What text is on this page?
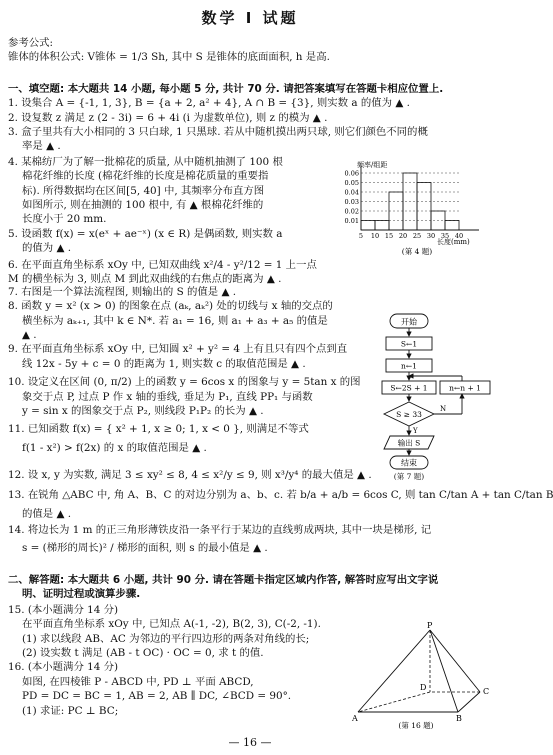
数学 Ⅰ 试题
参考公式:
锥体的体积公式: V锥体 = 1/3 Sh, 其中 S 是锥体的底面面积, h 是高.
一、填空题: 本大题共 14 小题, 每小题 5 分, 共计 70 分. 请把答案填写在答题卡相应位置上.
1. 设集合 A = {-1, 1, 3}, B = {a + 2, a² + 4}, A ∩ B = {3}, 则实数 a 的值为 ▲ .
2. 设复数 z 满足 z (2 - 3i) = 6 + 4i (i 为虚数单位), 则 z 的模为 ▲ .
3. 盒子里共有大小相同的 3 只白球, 1 只黑球. 若从中随机摸出两只球, 则它们颜色不同的概
率是 ▲ .
4. 某棉纺厂为了解一批棉花的质量, 从中随机抽测了 100 根
棉花纤维的长度 (棉花纤维的长度是棉花质量的重要指
标). 所得数据均在区间[5, 40] 中, 其频率分布直方图
如图所示, 则在抽测的 100 根中, 有 ▲ 根棉花纤维的
长度小于 20 mm.
5. 设函数 f(x) = x(eˣ + ae⁻ˣ) (x ∈ R) 是偶函数, 则实数 a
的值为 ▲ .
6. 在平面直角坐标系 xOy 中, 已知双曲线 x²/4 - y²/12 = 1 上一点
M 的横坐标为 3, 则点 M 到此双曲线的右焦点的距离为 ▲ .
频率/组距
长度(mm)
0.06
0.05
0.04
0.03
0.02
0.01
5 10 15 20 25 30 35 40
(第 4 题)
7. 右图是一个算法流程图, 则输出的 S 的值是 ▲ .
8. 函数 y = x² (x > 0) 的图象在点 (aₖ, aₖ²) 处的切线与 x 轴的交点的
横坐标为 aₖ₊₁, 其中 k ∈ N*. 若 a₁ = 16, 则 a₁ + a₃ + a₅ 的值是
▲ .
9. 在平面直角坐标系 xOy 中, 已知圆 x² + y² = 4 上有且只有四个点到直
线 12x - 5y + c = 0 的距离为 1, 则实数 c 的取值范围是 ▲ .
10. 设定义在区间 (0, π/2) 上的函数 y = 6cos x 的图象与 y = 5tan x 的图
象交于点 P, 过点 P 作 x 轴的垂线, 垂足为 P₁, 直线 PP₁ 与函数
y = sin x 的图象交于点 P₂, 则线段 P₁P₂ 的长为 ▲ .
11. 已知函数 f(x) = { x² + 1, x ≥ 0; 1, x < 0 }, 则满足不等式
f(1 - x²) > f(2x) 的 x 的取值范围是 ▲ .
12. 设 x, y 为实数, 满足 3 ≤ xy² ≤ 8, 4 ≤ x²/y ≤ 9, 则 x³/y⁴ 的最大值是 ▲ .
13. 在锐角 △ABC 中, 角 A、B、C 的对边分别为 a、b、c. 若 b/a + a/b = 6cos C, 则 tan C/tan A + tan C/tan B
的值是 ▲ .
14. 将边长为 1 m 的正三角形薄铁皮沿一条平行于某边的直线剪成两块, 其中一块是梯形, 记
s = (梯形的周长)² / 梯形的面积, 则 s 的最小值是 ▲ .
开始
S←1
n←1
S←2S + 1
S ≥ 33
N
n←n + 1
Y
输出 S
结束
(第 7 题)
二、解答题: 本大题共 6 小题, 共计 90 分. 请在答题卡指定区域内作答, 解答时应写出文字说
明、证明过程或演算步骤.
15. (本小题满分 14 分)
在平面直角坐标系 xOy 中, 已知点 A(-1, -2), B(2, 3), C(-2, -1).
(1) 求以线段 AB、AC 为邻边的平行四边形的两条对角线的长;
(2) 设实数 t 满足 (AB - t OC) · OC = 0, 求 t 的值.
16. (本小题满分 14 分)
如图, 在四棱锥 P - ABCD 中, PD ⊥ 平面 ABCD,
PD = DC = BC = 1, AB = 2, AB ∥ DC, ∠BCD = 90°.
(1) 求证: PC ⊥ BC;
P
D	C
A	B
(第 16 题)
— 16 —
